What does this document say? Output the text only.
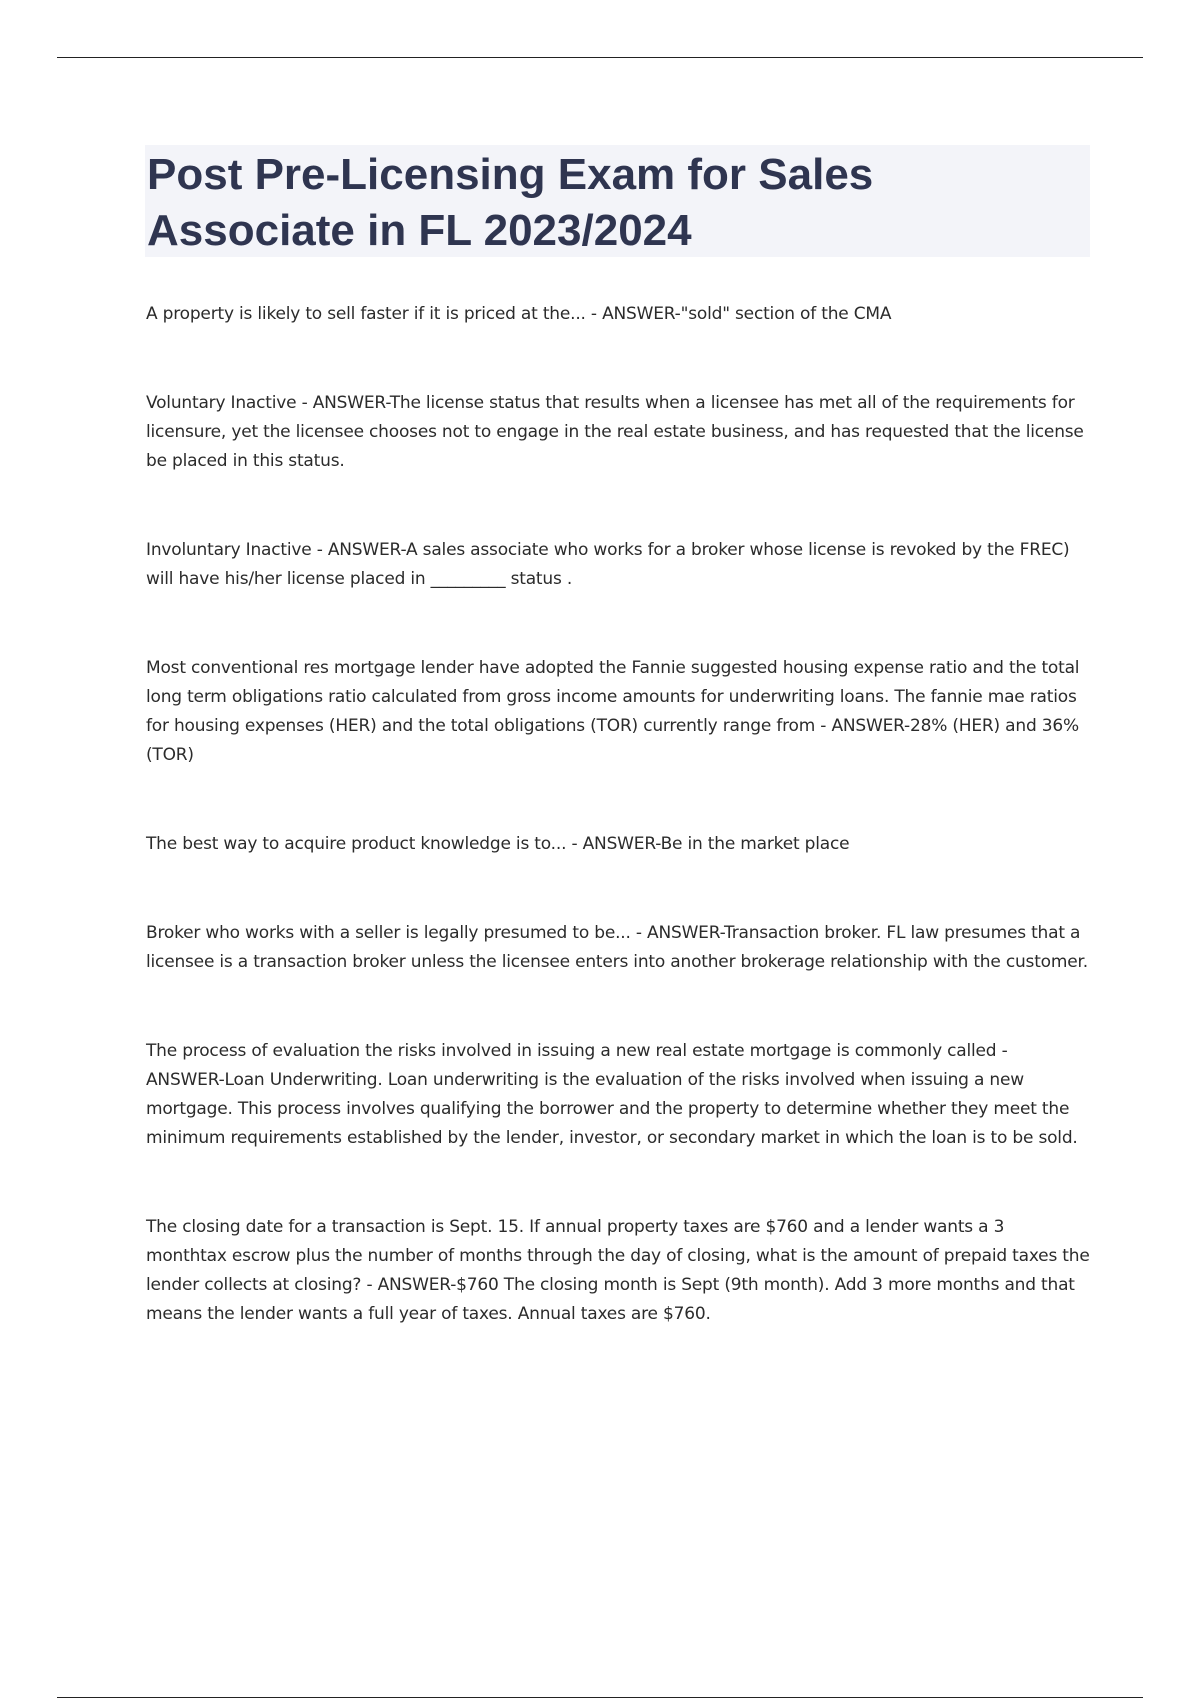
Post Pre-Licensing Exam for Sales Associate in FL 2023/2024
A property is likely to sell faster if it is priced at the... - ANSWER-"sold" section of the CMA
Voluntary Inactive - ANSWER-The license status that results when a licensee has met all of the requirements for licensure, yet the licensee chooses not to engage in the real estate business, and has requested that the license be placed in this status.
Involuntary Inactive - ANSWER-A sales associate who works for a broker whose license is revoked by the FREC) will have his/her license placed in _________ status .
Most conventional res mortgage lender have adopted the Fannie suggested housing expense ratio and the total long term obligations ratio calculated from gross income amounts for underwriting loans. The fannie mae ratios for housing expenses (HER) and the total obligations (TOR) currently range from - ANSWER-28% (HER) and 36% (TOR)
The best way to acquire product knowledge is to... - ANSWER-Be in the market place
Broker who works with a seller is legally presumed to be... - ANSWER-Transaction broker. FL law presumes that a licensee is a transaction broker unless the licensee enters into another brokerage relationship with the customer.
The process of evaluation the risks involved in issuing a new real estate mortgage is commonly called - ANSWER-Loan Underwriting. Loan underwriting is the evaluation of the risks involved when issuing a new mortgage. This process involves qualifying the borrower and the property to determine whether they meet the minimum requirements established by the lender, investor, or secondary market in which the loan is to be sold.
The closing date for a transaction is Sept. 15. If annual property taxes are $760 and a lender wants a 3 monthtax escrow plus the number of months through the day of closing, what is the amount of prepaid taxes the lender collects at closing? - ANSWER-$760 The closing month is Sept (9th month). Add 3 more months and that means the lender wants a full year of taxes. Annual taxes are $760.
